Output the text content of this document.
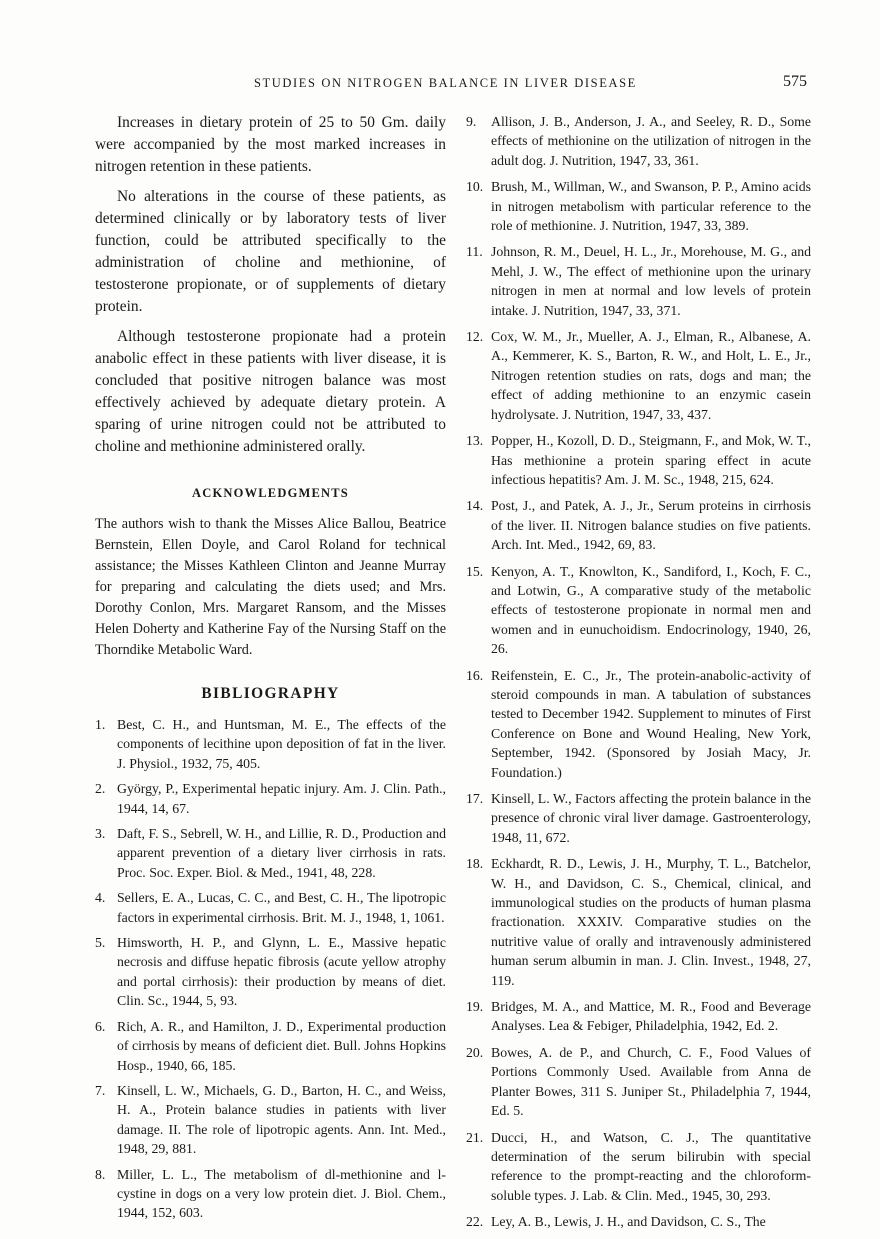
STUDIES ON NITROGEN BALANCE IN LIVER DISEASE	575

Increases in dietary protein of 25 to 50 Gm. daily were accompanied by the most marked increases in nitrogen retention in these patients.

No alterations in the course of these patients, as determined clinically or by laboratory tests of liver function, could be attributed specifically to the administration of choline and methionine, of testosterone propionate, or of supplements of dietary protein.

Although testosterone propionate had a protein anabolic effect in these patients with liver disease, it is concluded that positive nitrogen balance was most effectively achieved by adequate dietary protein. A sparing of urine nitrogen could not be attributed to choline and methionine administered orally.

ACKNOWLEDGMENTS

The authors wish to thank the Misses Alice Ballou, Beatrice Bernstein, Ellen Doyle, and Carol Roland for technical assistance; the Misses Kathleen Clinton and Jeanne Murray for preparing and calculating the diets used; and Mrs. Dorothy Conlon, Mrs. Margaret Ransom, and the Misses Helen Doherty and Katherine Fay of the Nursing Staff on the Thorndike Metabolic Ward.

BIBLIOGRAPHY
1. Best, C. H., and Huntsman, M. E., The effects of the components of lecithine upon deposition of fat in the liver. J. Physiol., 1932, 75, 405.
2. György, P., Experimental hepatic injury. Am. J. Clin. Path., 1944, 14, 67.
3. Daft, F. S., Sebrell, W. H., and Lillie, R. D., Production and apparent prevention of a dietary liver cirrhosis in rats. Proc. Soc. Exper. Biol. & Med., 1941, 48, 228.
4. Sellers, E. A., Lucas, C. C., and Best, C. H., The lipotropic factors in experimental cirrhosis. Brit. M. J., 1948, 1, 1061.
5. Himsworth, H. P., and Glynn, L. E., Massive hepatic necrosis and diffuse hepatic fibrosis (acute yellow atrophy and portal cirrhosis): their production by means of diet. Clin. Sc., 1944, 5, 93.
6. Rich, A. R., and Hamilton, J. D., Experimental production of cirrhosis by means of deficient diet. Bull. Johns Hopkins Hosp., 1940, 66, 185.
7. Kinsell, L. W., Michaels, G. D., Barton, H. C., and Weiss, H. A., Protein balance studies in patients with liver damage. II. The role of lipotropic agents. Ann. Int. Med., 1948, 29, 881.
8. Miller, L. L., The metabolism of dl-methionine and l-cystine in dogs on a very low protein diet. J. Biol. Chem., 1944, 152, 603.
9. Allison, J. B., Anderson, J. A., and Seeley, R. D., Some effects of methionine on the utilization of nitrogen in the adult dog. J. Nutrition, 1947, 33, 361.
10. Brush, M., Willman, W., and Swanson, P. P., Amino acids in nitrogen metabolism with particular reference to the role of methionine. J. Nutrition, 1947, 33, 389.
11. Johnson, R. M., Deuel, H. L., Jr., Morehouse, M. G., and Mehl, J. W., The effect of methionine upon the urinary nitrogen in men at normal and low levels of protein intake. J. Nutrition, 1947, 33, 371.
12. Cox, W. M., Jr., Mueller, A. J., Elman, R., Albanese, A. A., Kemmerer, K. S., Barton, R. W., and Holt, L. E., Jr., Nitrogen retention studies on rats, dogs and man; the effect of adding methionine to an enzymic casein hydrolysate. J. Nutrition, 1947, 33, 437.
13. Popper, H., Kozoll, D. D., Steigmann, F., and Mok, W. T., Has methionine a protein sparing effect in acute infectious hepatitis? Am. J. M. Sc., 1948, 215, 624.
14. Post, J., and Patek, A. J., Jr., Serum proteins in cirrhosis of the liver. II. Nitrogen balance studies on five patients. Arch. Int. Med., 1942, 69, 83.
15. Kenyon, A. T., Knowlton, K., Sandiford, I., Koch, F. C., and Lotwin, G., A comparative study of the metabolic effects of testosterone propionate in normal men and women and in eunuchoidism. Endocrinology, 1940, 26, 26.
16. Reifenstein, E. C., Jr., The protein-anabolic-activity of steroid compounds in man. A tabulation of substances tested to December 1942. Supplement to minutes of First Conference on Bone and Wound Healing, New York, September, 1942. (Sponsored by Josiah Macy, Jr. Foundation.)
17. Kinsell, L. W., Factors affecting the protein balance in the presence of chronic viral liver damage. Gastroenterology, 1948, 11, 672.
18. Eckhardt, R. D., Lewis, J. H., Murphy, T. L., Batchelor, W. H., and Davidson, C. S., Chemical, clinical, and immunological studies on the products of human plasma fractionation. XXXIV. Comparative studies on the nutritive value of orally and intravenously administered human serum albumin in man. J. Clin. Invest., 1948, 27, 119.
19. Bridges, M. A., and Mattice, M. R., Food and Beverage Analyses. Lea & Febiger, Philadelphia, 1942, Ed. 2.
20. Bowes, A. de P., and Church, C. F., Food Values of Portions Commonly Used. Available from Anna de Planter Bowes, 311 S. Juniper St., Philadelphia 7, 1944, Ed. 5.
21. Ducci, H., and Watson, C. J., The quantitative determination of the serum bilirubin with special reference to the prompt-reacting and the chloroform-soluble types. J. Lab. & Clin. Med., 1945, 30, 293.
22. Ley, A. B., Lewis, J. H., and Davidson, C. S., The
